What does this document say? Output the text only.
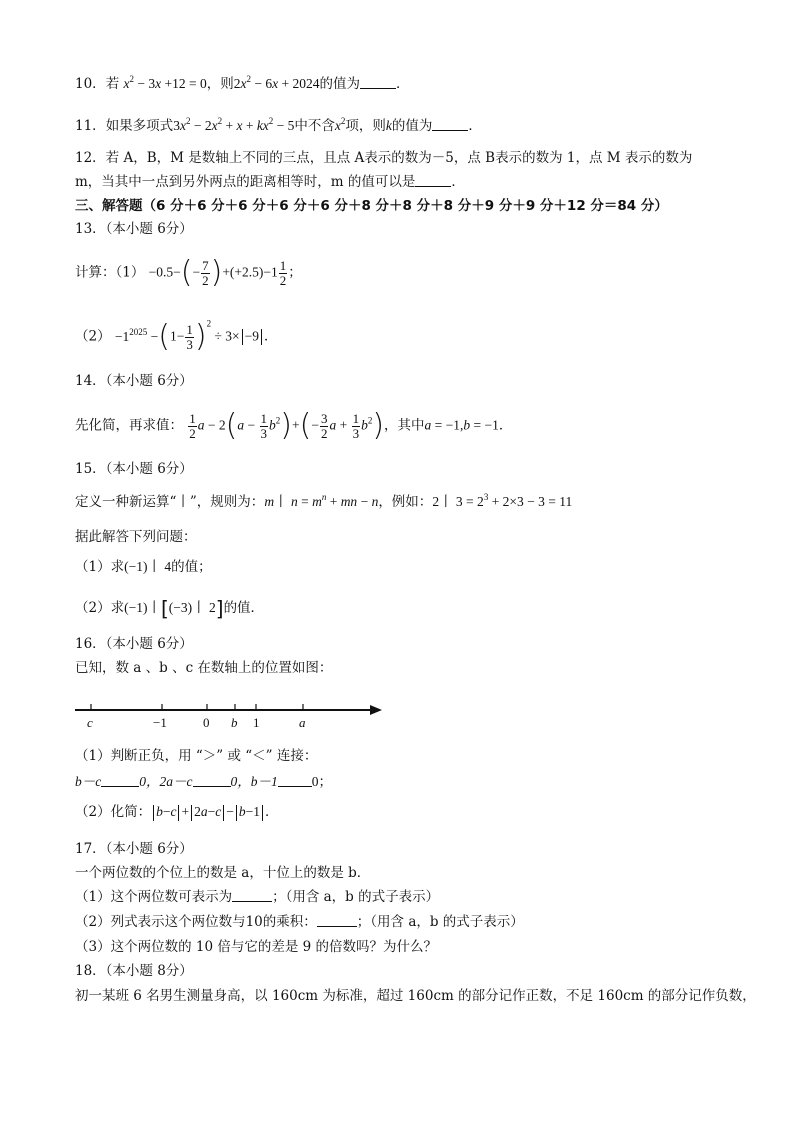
10．若 $x^2 - 3x +12 = 0$，则$2x^2 - 6x + 2024$的值为	．
11．如果多项式$3x^2 - 2x^2 + x + kx^2 - 5$中不含$x^2$项，则k的值为	．
12．若 A，B，M 是数轴上不同的三点，且点 A表示的数为－5，点 B表示的数为 1，点 M 表示的数为
m，当其中一点到另外两点的距离相等时，m 的值可以是	．
三、解答题（6 分＋6 分＋6 分＋6 分＋6 分＋8 分＋8 分＋8 分＋9 分＋9 分＋12 分＝84 分）
13．（本小题 6分）
计算：$(1) -0.5-(- \frac{7}{2} )+(+2.5)-1 \frac{1}{2}$ ；
$(2) -1^{2025} -(1- \frac{1}{3} )^2 \div 3\times -9$ ．
14．（本小题 6分）
先化简，再求值： $\frac{1}{2}$ $a - 2(a - \frac{1}{3} b^2)+(- \frac{3}{2}$ $a + \frac{1}{3} b^2$)，其中a = −1,b = −1．
15．（本小题 6分）
定义一种新运算“丨”，规则为：m丨 $n = m^n$ + mn − n，例如：2丨 $3 = 2^3 + 2\times 3 - 3 = 11$
据此解答下列问题：
（1）求(−1)丨 4的值；
（2）求(−1)丨[(−3)丨 2]的值．
16．（本小题 6分）
已知，数 a 、b 、c 在数轴上的位置如图：
c	−1	0 b 1	a
（1）判断正负，用 “＞” 或 “＜” 连接：
b－c	0，2a－c	0，b－1	0；
（2）化简： b−c + 2a−c − b−1 ．
17．（本小题 6分）
一个两位数的个位上的数是 a，十位上的数是 b．
（1）这个两位数可表示为	；（用含 a，b 的式子表示）
（2）列式表示这个两位数与10的乘积：	；（用含 a，b 的式子表示）
（3）这个两位数的 10 倍与它的差是 9 的倍数吗？为什么？
18．（本小题 8分）
初一某班 6 名男生测量身高，以 160cm 为标准，超过 160cm 的部分记作正数，不足 160cm 的部分记作负数，
